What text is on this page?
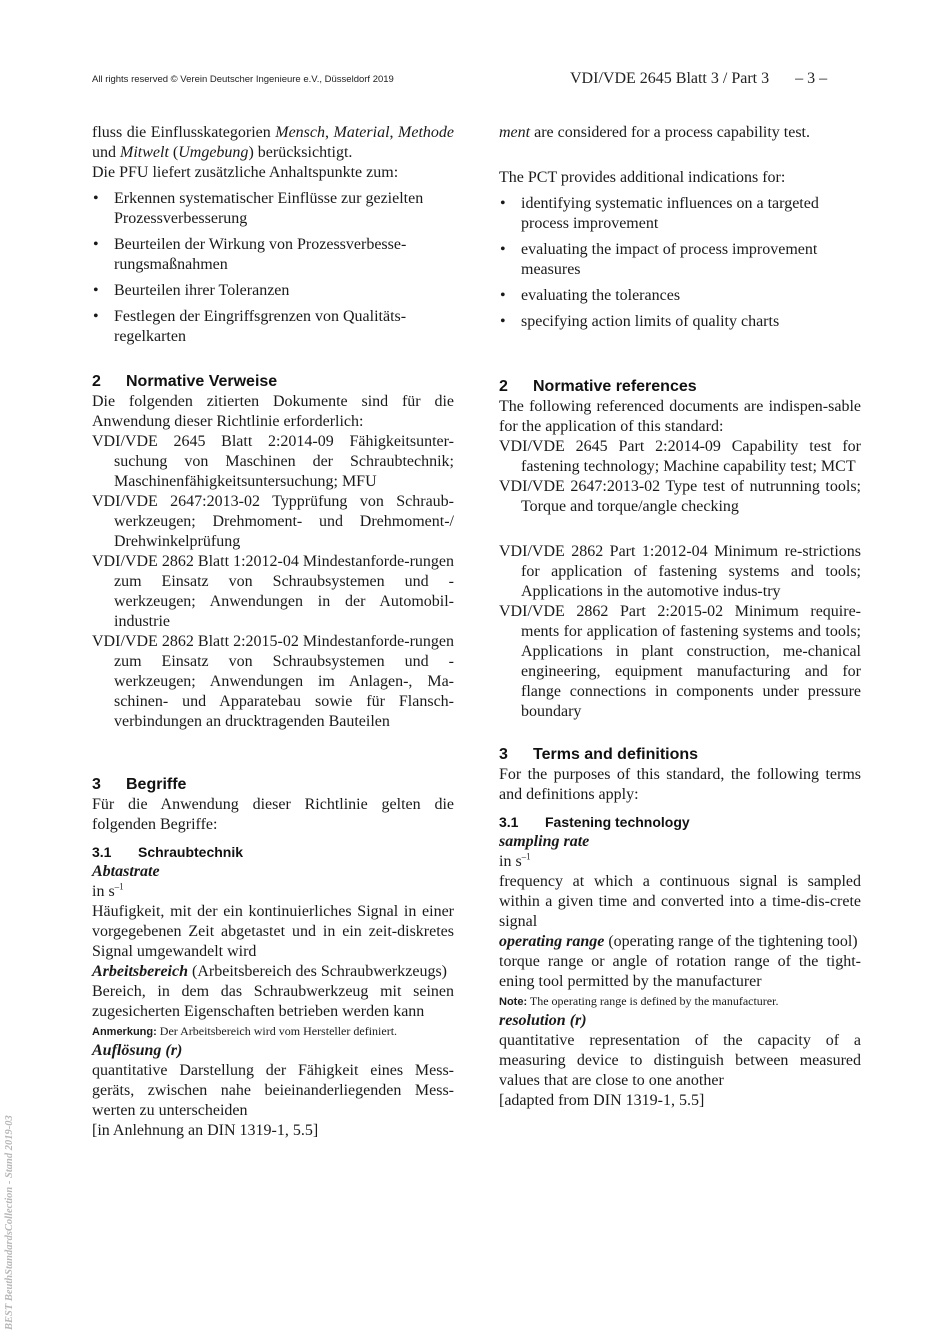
All rights reserved © Verein Deutscher Ingenieure e.V., Düsseldorf 2019	VDI/VDE 2645 Blatt 3 / Part 3 – 3 –

fluss die Einflusskategorien Mensch, Material, Methode und Mitwelt (Umgebung) berücksichtigt.

Die PFU liefert zusätzliche Anhaltspunkte zum:

• Erkennen systematischer Einflüsse zur gezielten Prozessverbesserung
• Beurteilen der Wirkung von Prozessverbesse-rungsmaßnahmen
• Beurteilen ihrer Toleranzen
• Festlegen der Eingriffsgrenzen von Qualitäts-regelkarten
2 Normative Verweise

Die folgenden zitierten Dokumente sind für die Anwendung dieser Richtlinie erforderlich:

VDI/VDE 2645 Blatt 2:2014-09 Fähigkeitsunter-suchung von Maschinen der Schraubtechnik; Maschinenfähigkeitsuntersuchung; MFU

VDI/VDE 2647:2013-02 Typprüfung von Schraub-werkzeugen; Drehmoment- und Drehmoment-/ Drehwinkelprüfung

VDI/VDE 2862 Blatt 1:2012-04 Mindestanforde-rungen zum Einsatz von Schraubsystemen und -werkzeugen; Anwendungen in der Automobil-industrie

VDI/VDE 2862 Blatt 2:2015-02 Mindestanforde-rungen zum Einsatz von Schraubsystemen und -werkzeugen; Anwendungen im Anlagen-, Ma-schinen- und Apparatebau sowie für Flansch-verbindungen an drucktragenden Bauteilen

3 Begriffe

Für die Anwendung dieser Richtlinie gelten die folgenden Begriffe:

3.1 Schraubtechnik

Abtastrate

in $s^{-1}$

Häufigkeit, mit der ein kontinuierliches Signal in einer vorgegebenen Zeit abgetastet und in ein zeit-diskretes Signal umgewandelt wird

Arbeitsbereich (Arbeitsbereich des Schraubwerkzeugs)

Bereich, in dem das Schraubwerkzeug mit seinen zugesicherten Eigenschaften betrieben werden kann

Anmerkung: Der Arbeitsbereich wird vom Hersteller definiert.

Auflösung (r)

quantitative Darstellung der Fähigkeit eines Mess-geräts, zwischen nahe beieinanderliegenden Mess-werten zu unterscheiden

[in Anlehnung an DIN 1319-1, 5.5]

ment are considered for a process capability test.

The PCT provides additional indications for:

• identifying systematic influences on a targeted process improvement
• evaluating the impact of process improvement measures
• evaluating the tolerances
• specifying action limits of quality charts
2 Normative references

The following referenced documents are indispen-sable for the application of this standard:

VDI/VDE 2645 Part 2:2014-09 Capability test for fastening technology; Machine capability test; MCT

VDI/VDE 2647:2013-02 Type test of nutrunning tools; Torque and torque/angle checking

VDI/VDE 2862 Part 1:2012-04 Minimum re-strictions for application of fastening systems and tools; Applications in the automotive indus-try

VDI/VDE 2862 Part 2:2015-02 Minimum require-ments for application of fastening systems and tools; Applications in plant construction, me-chanical engineering, equipment manufacturing and for flange connections in components under pressure boundary

3 Terms and definitions

For the purposes of this standard, the following terms and definitions apply:

3.1 Fastening technology

sampling rate

in $s^{-1}$

frequency at which a continuous signal is sampled within a given time and converted into a time-dis-crete signal

operating range (operating range of the tightening tool)

torque range or angle of rotation range of the tight-ening tool permitted by the manufacturer

Note: The operating range is defined by the manufacturer.

resolution (r)

quantitative representation of the capacity of a measuring device to distinguish between measured values that are close to one another

[adapted from DIN 1319-1, 5.5]

BEST BeuthStandardsCollection - Stand 2019-03
